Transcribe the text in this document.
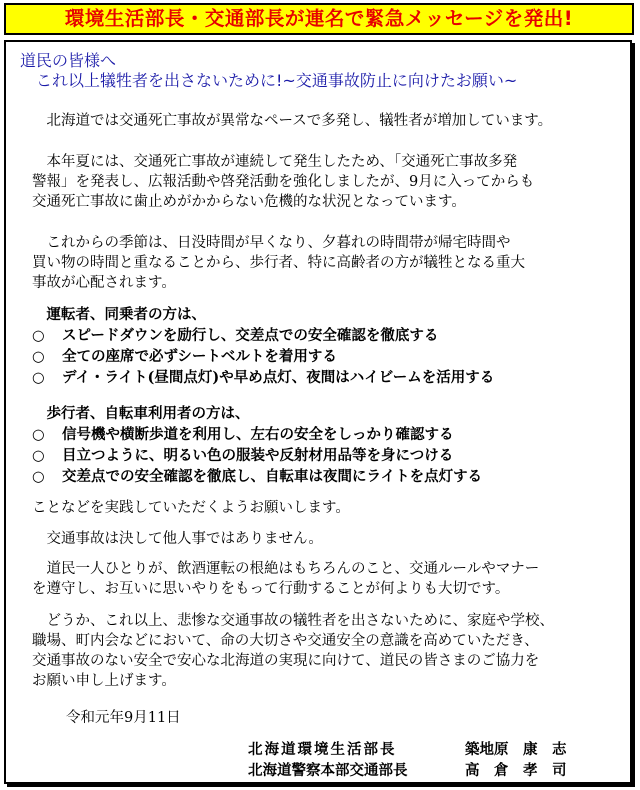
環境生活部長・交通部長が連名で緊急メッセージを発出!
道民の皆様へ
これ以上犠牲者を出さないために!~交通事故防止に向けたお願い~
　北海道では交通死亡事故が異常なペースで多発し、犠牲者が増加しています。
　本年夏には、交通死亡事故が連続して発生したため、「交通死亡事故多発
警報」を発表し、広報活動や啓発活動を強化しましたが、9月に入ってからも
交通死亡事故に歯止めがかからない危機的な状況となっています。
　これからの季節は、日没時間が早くなり、夕暮れの時間帯が帰宅時間や
買い物の時間と重なることから、歩行者、特に高齢者の方が犠牲となる重大
事故が心配されます。
　運転者、同乗者の方は、
○ スピードダウンを励行し、交差点での安全確認を徹底する
○ 全ての座席で必ずシートベルトを着用する
○ デイ・ライト(昼間点灯)や早め点灯、夜間はハイビームを活用する
　歩行者、自転車利用者の方は、
○ 信号機や横断歩道を利用し、左右の安全をしっかり確認する
○ 目立つように、明るい色の服装や反射材用品等を身につける
○ 交差点での安全確認を徹底し、自転車は夜間にライトを点灯する
ことなどを実践していただくようお願いします。
　交通事故は決して他人事ではありません。
　道民一人ひとりが、飲酒運転の根絶はもちろんのこと、交通ルールやマナー
を遵守し、お互いに思いやりをもって行動することが何よりも大切です。
　どうか、これ以上、悲惨な交通事故の犠牲者を出さないために、家庭や学校、
職場、町内会などにおいて、命の大切さや交通安全の意識を高めていただき、
交通事故のない安全で安心な北海道の実現に向けて、道民の皆さまのご協力を
お願い申し上げます。
令和元年9月11日
北海道環境生活部長	築地原　康　志
北海道警察本部交通部長	高　倉　孝　司
